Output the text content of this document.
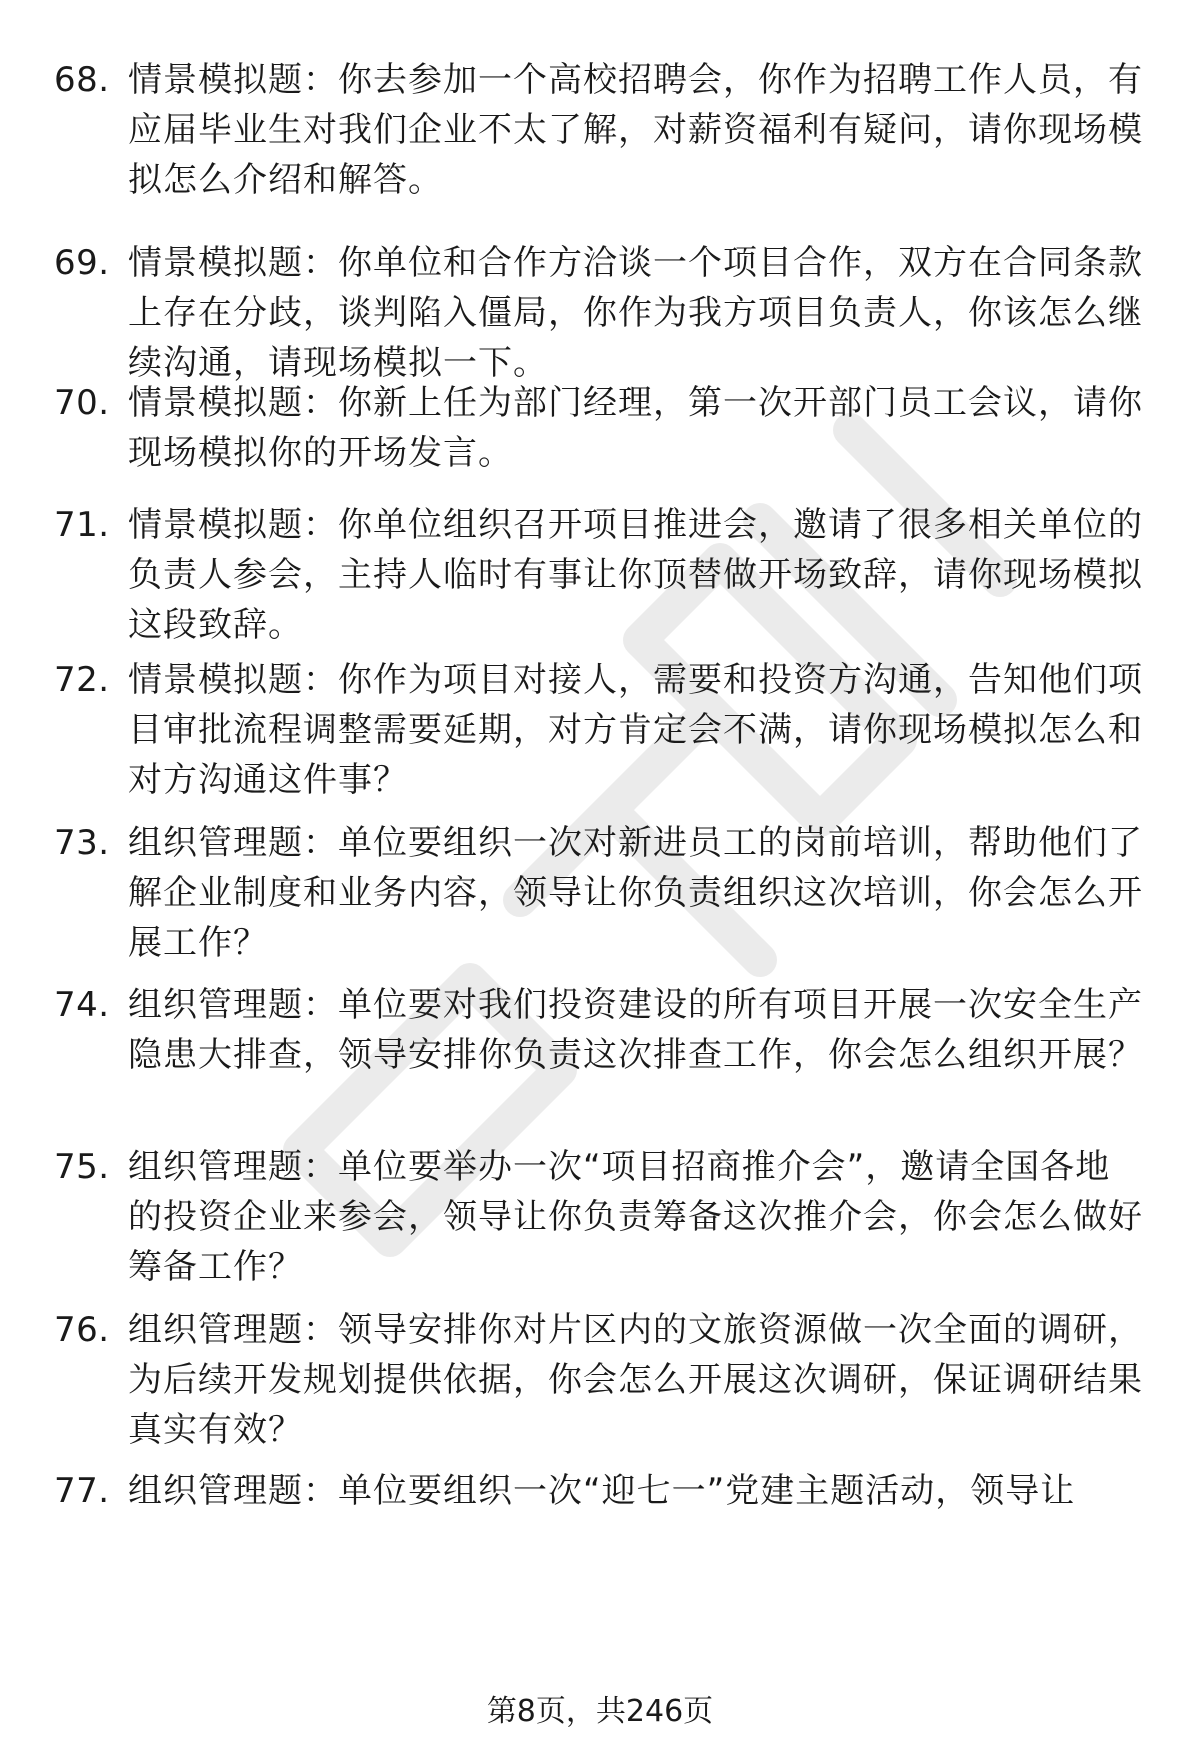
68. 情景模拟题：你去参加一个高校招聘会，你作为招聘工作人员，有应届毕业生对我们企业不太了解，对薪资福利有疑问，请你现场模拟怎么介绍和解答。
69. 情景模拟题：你单位和合作方洽谈一个项目合作，双方在合同条款上存在分歧，谈判陷入僵局，你作为我方项目负责人，你该怎么继续沟通，请现场模拟一下。
70. 情景模拟题：你新上任为部门经理，第一次开部门员工会议，请你现场模拟你的开场发言。
71. 情景模拟题：你单位组织召开项目推进会，邀请了很多相关单位的负责人参会，主持人临时有事让你顶替做开场致辞，请你现场模拟这段致辞。
72. 情景模拟题：你作为项目对接人，需要和投资方沟通，告知他们项目审批流程调整需要延期，对方肯定会不满，请你现场模拟怎么和对方沟通这件事？
73. 组织管理题：单位要组织一次对新进员工的岗前培训，帮助他们了解企业制度和业务内容，领导让你负责组织这次培训，你会怎么开展工作？
74. 组织管理题：单位要对我们投资建设的所有项目开展一次安全生产隐患大排查，领导安排你负责这次排查工作，你会怎么组织开展？
75. 组织管理题：单位要举办一次“项目招商推介会”，邀请全国各地的投资企业来参会，领导让你负责筹备这次推介会，你会怎么做好筹备工作？
76. 组织管理题：领导安排你对片区内的文旅资源做一次全面的调研，为后续开发规划提供依据，你会怎么开展这次调研，保证调研结果真实有效？
77. 组织管理题：单位要组织一次“迎七一”党建主题活动，领导让
第8页，共246页
